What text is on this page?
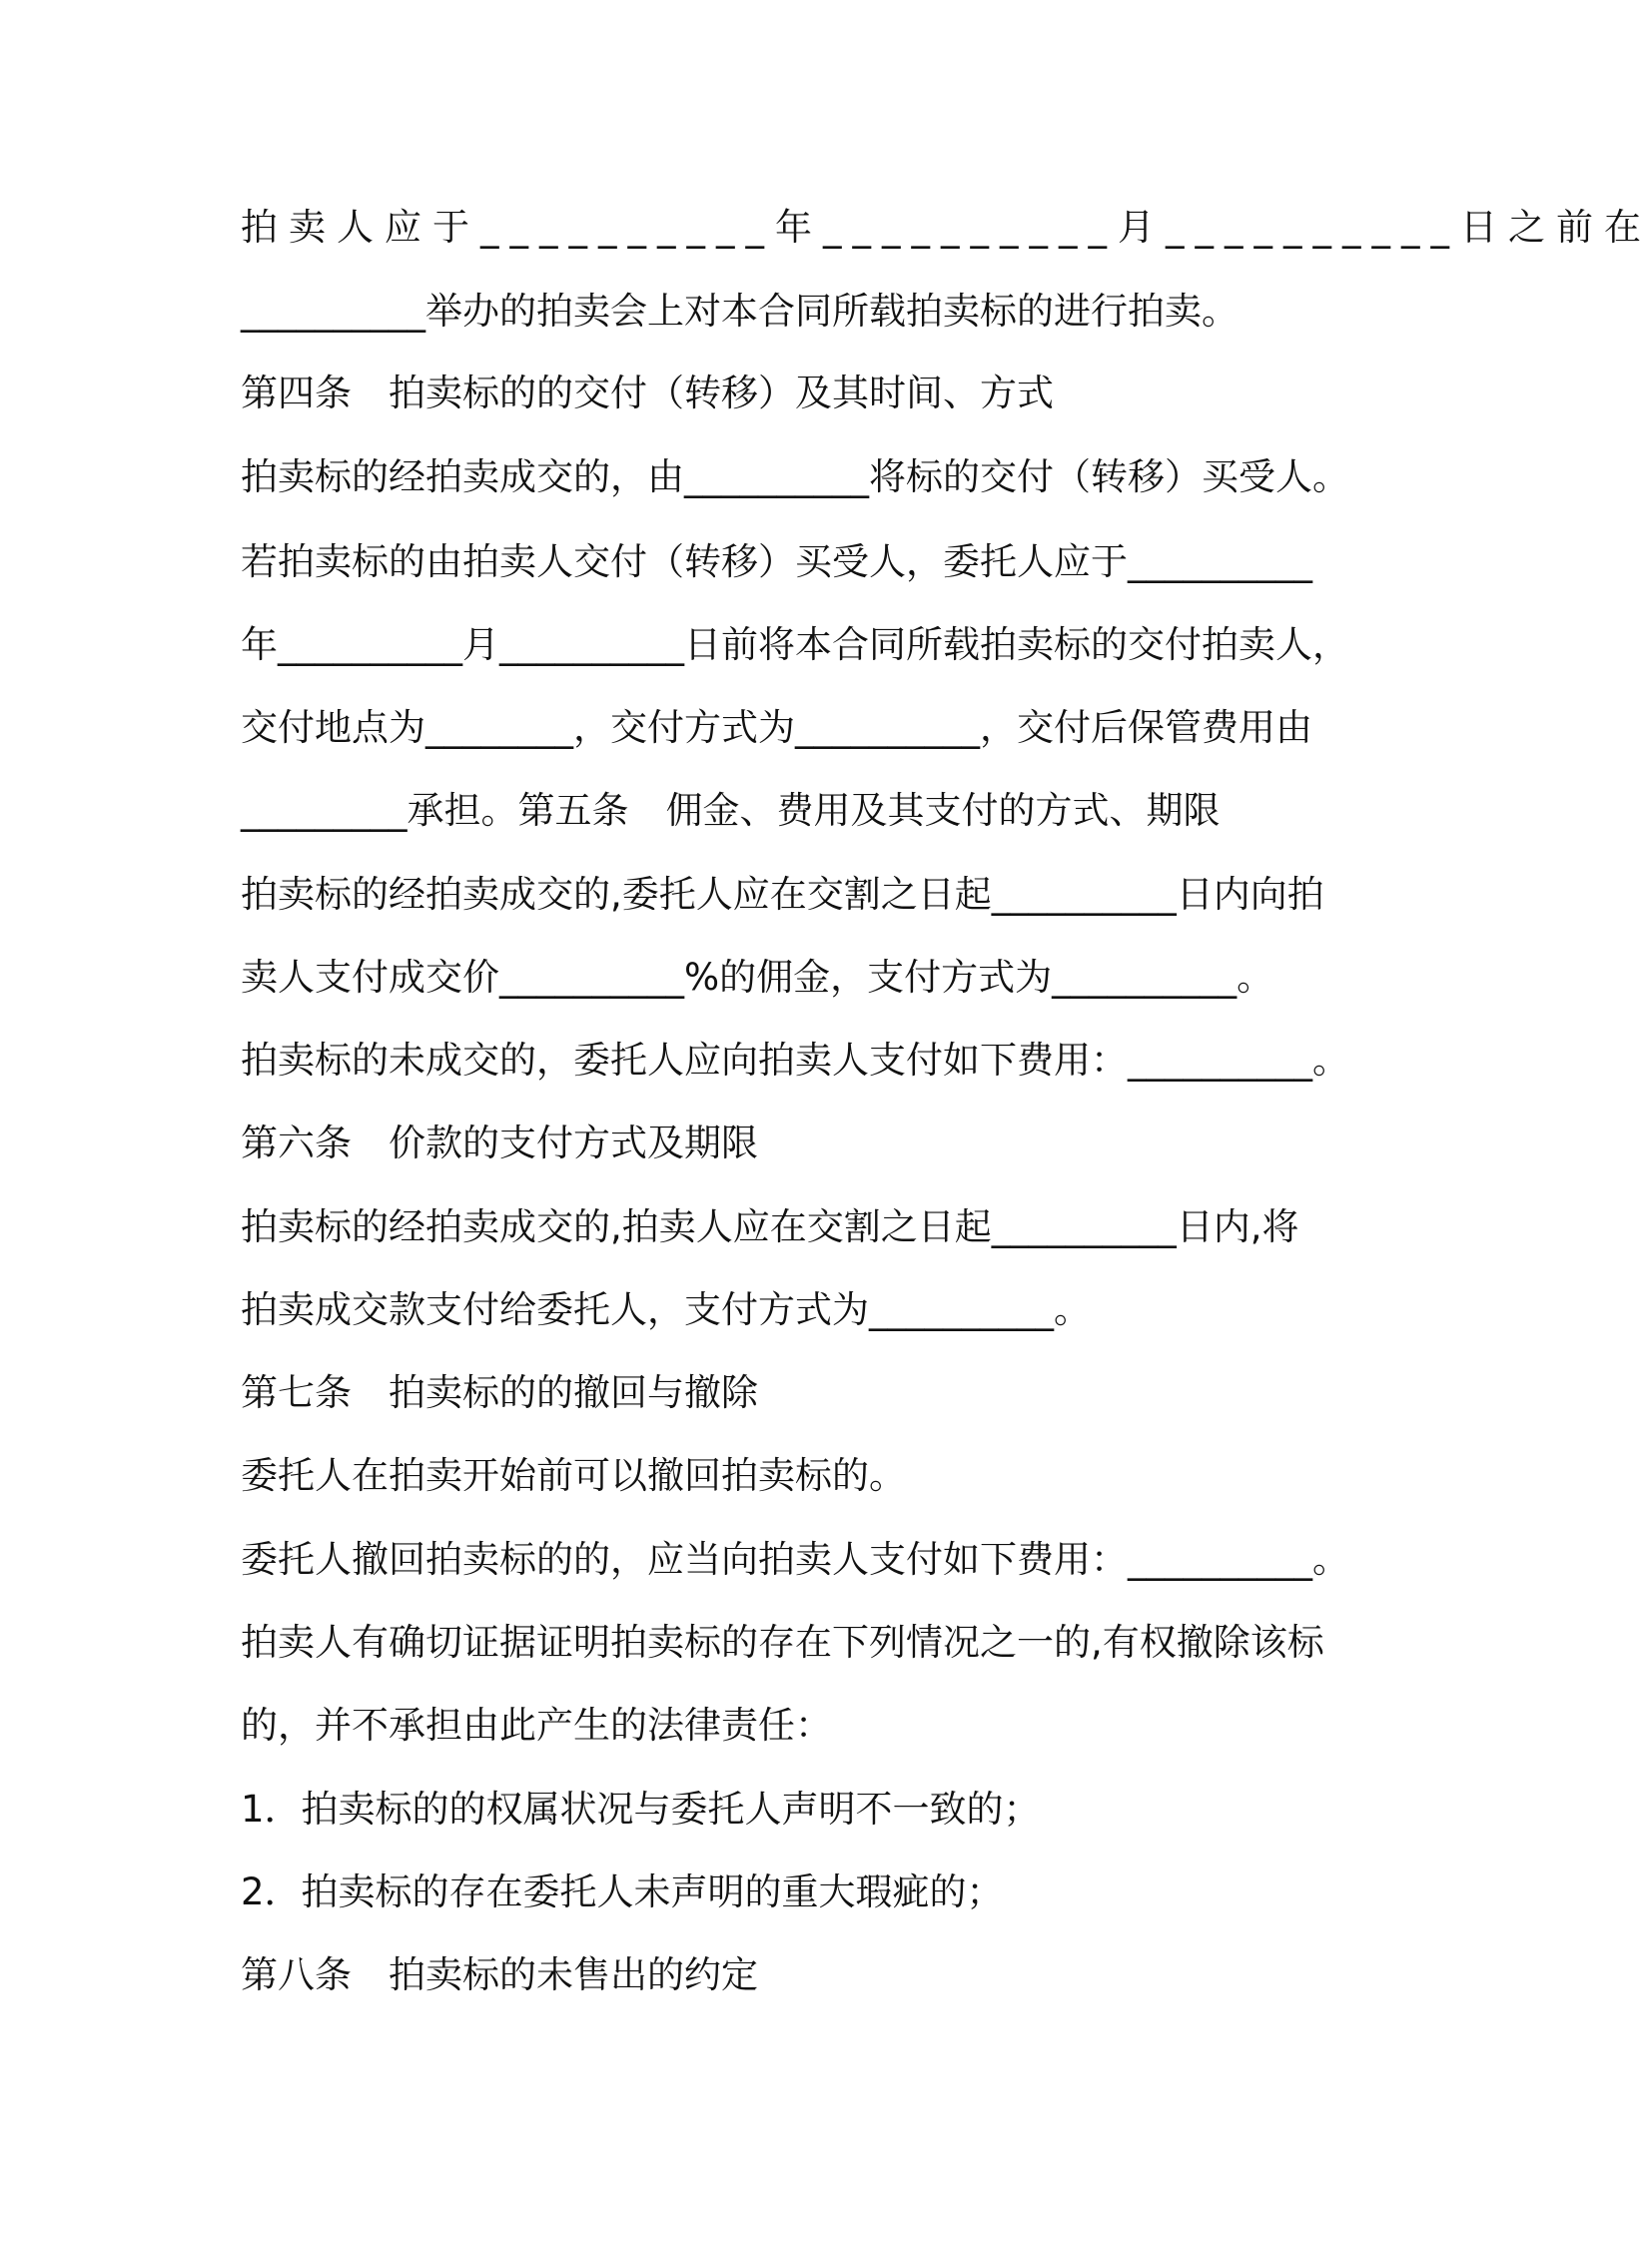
拍卖人应于__________年__________月__________日之前在
__________举办的拍卖会上对本合同所载拍卖标的进行拍卖。
第四条　拍卖标的的交付（转移）及其时间、方式
拍卖标的经拍卖成交的，由__________将标的交付（转移）买受人。
若拍卖标的由拍卖人交付（转移）买受人，委托人应于__________
年__________月__________日前将本合同所载拍卖标的交付拍卖人，
交付地点为________，交付方式为__________，交付后保管费用由
_________承担。第五条　佣金、费用及其支付的方式、期限
拍卖标的经拍卖成交的,委托人应在交割之日起__________日内向拍
卖人支付成交价__________%的佣金，支付方式为__________。
拍卖标的未成交的，委托人应向拍卖人支付如下费用：__________。
第六条　价款的支付方式及期限
拍卖标的经拍卖成交的,拍卖人应在交割之日起__________日内,将
拍卖成交款支付给委托人，支付方式为__________。
第七条　拍卖标的的撤回与撤除
委托人在拍卖开始前可以撤回拍卖标的。
委托人撤回拍卖标的的，应当向拍卖人支付如下费用：__________。
拍卖人有确切证据证明拍卖标的存在下列情况之一的,有权撤除该标
的，并不承担由此产生的法律责任：
1．拍卖标的的权属状况与委托人声明不一致的；
2．拍卖标的存在委托人未声明的重大瑕疵的；
第八条　拍卖标的未售出的约定
